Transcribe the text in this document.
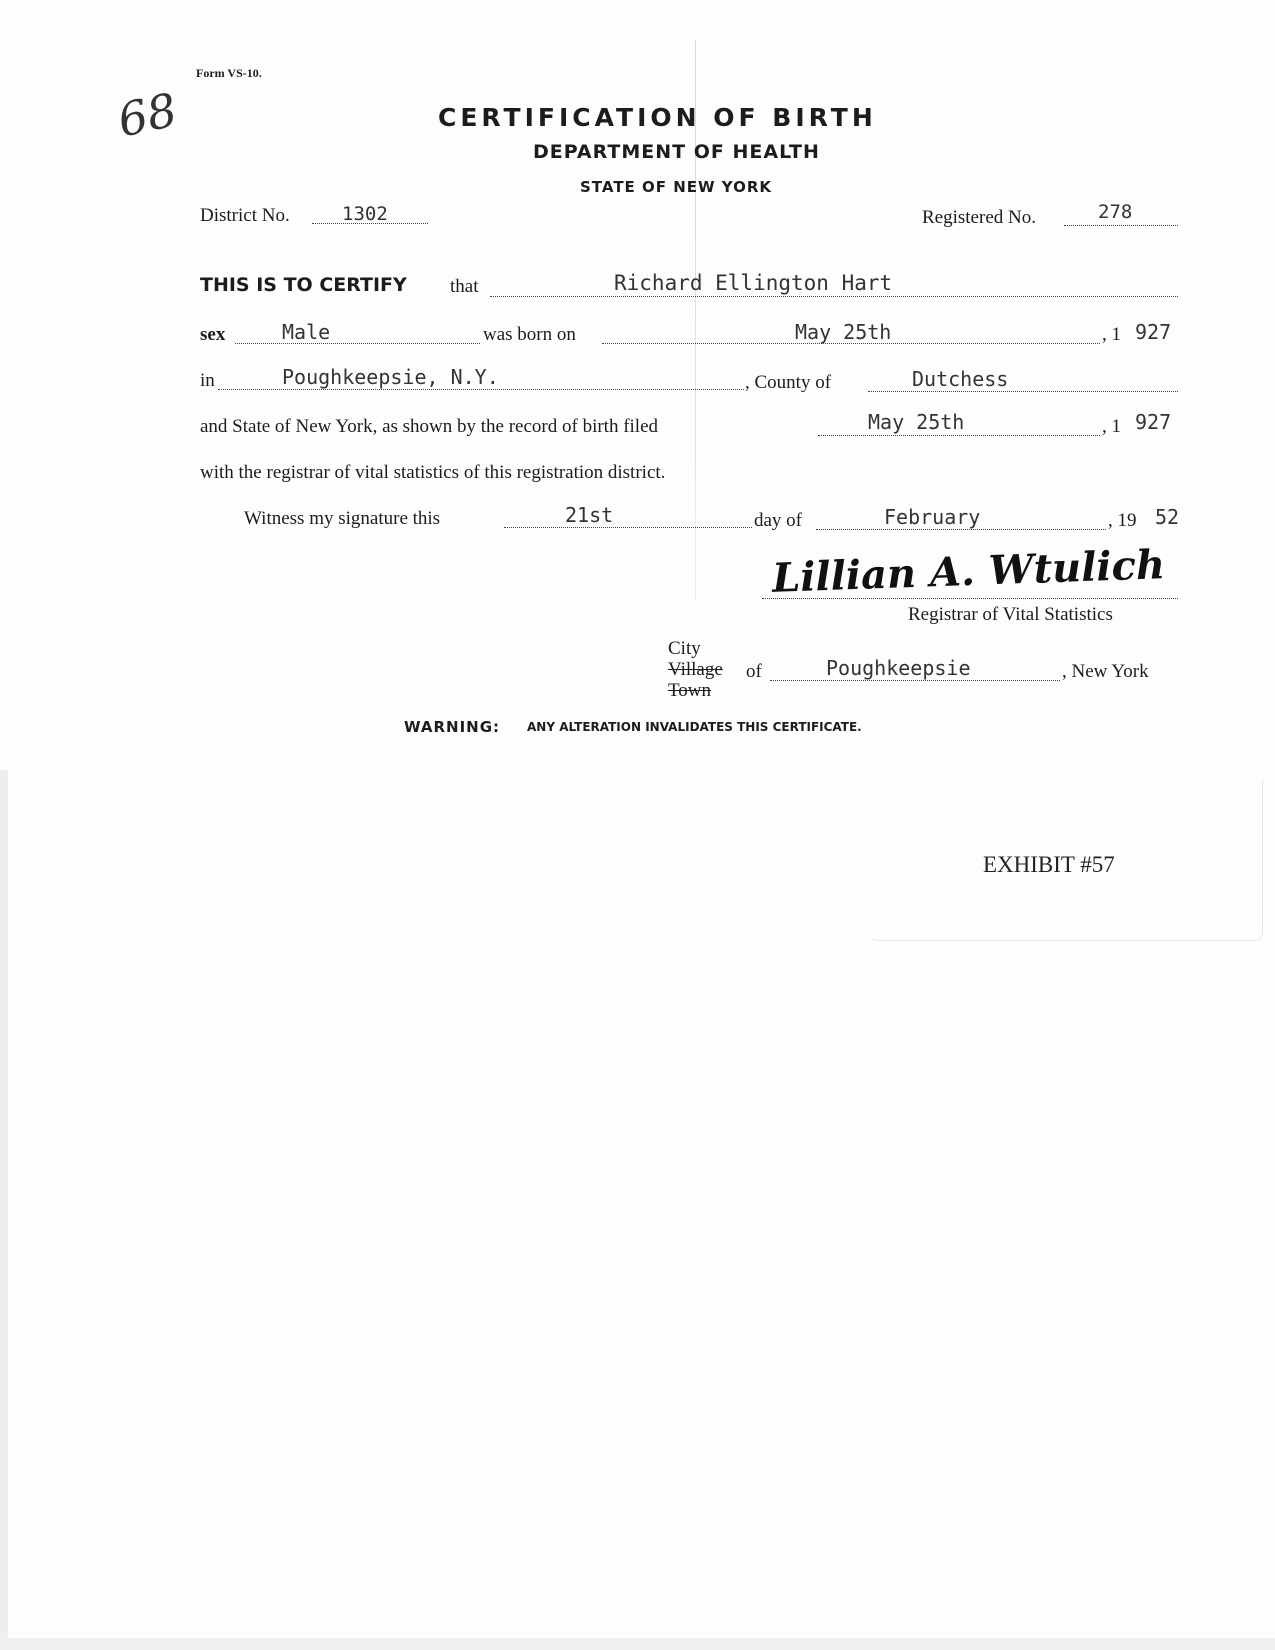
68
Form VS-10.
CERTIFICATION OF BIRTH
DEPARTMENT OF HEALTH
STATE OF NEW YORK
District No.	1302	Registered No.	278
THIS IS TO CERTIFY that	Richard Ellington Hart
sex	Male	was born on	May 25th	, 1 927
in	Poughkeepsie, N.Y.	, County of	Dutchess
and State of New York, as shown by the record of birth filed	May 25th	, 1 927
with the registrar of vital statistics of this registration district.
Witness my signature this	21st	day of	February	, 19 52
Lillian A. Wtulich
Registrar of Vital Statistics
City
Village
Town
of	Poughkeepsie	, New York
WARNING: ANY ALTERATION INVALIDATES THIS CERTIFICATE.
EXHIBIT #57
